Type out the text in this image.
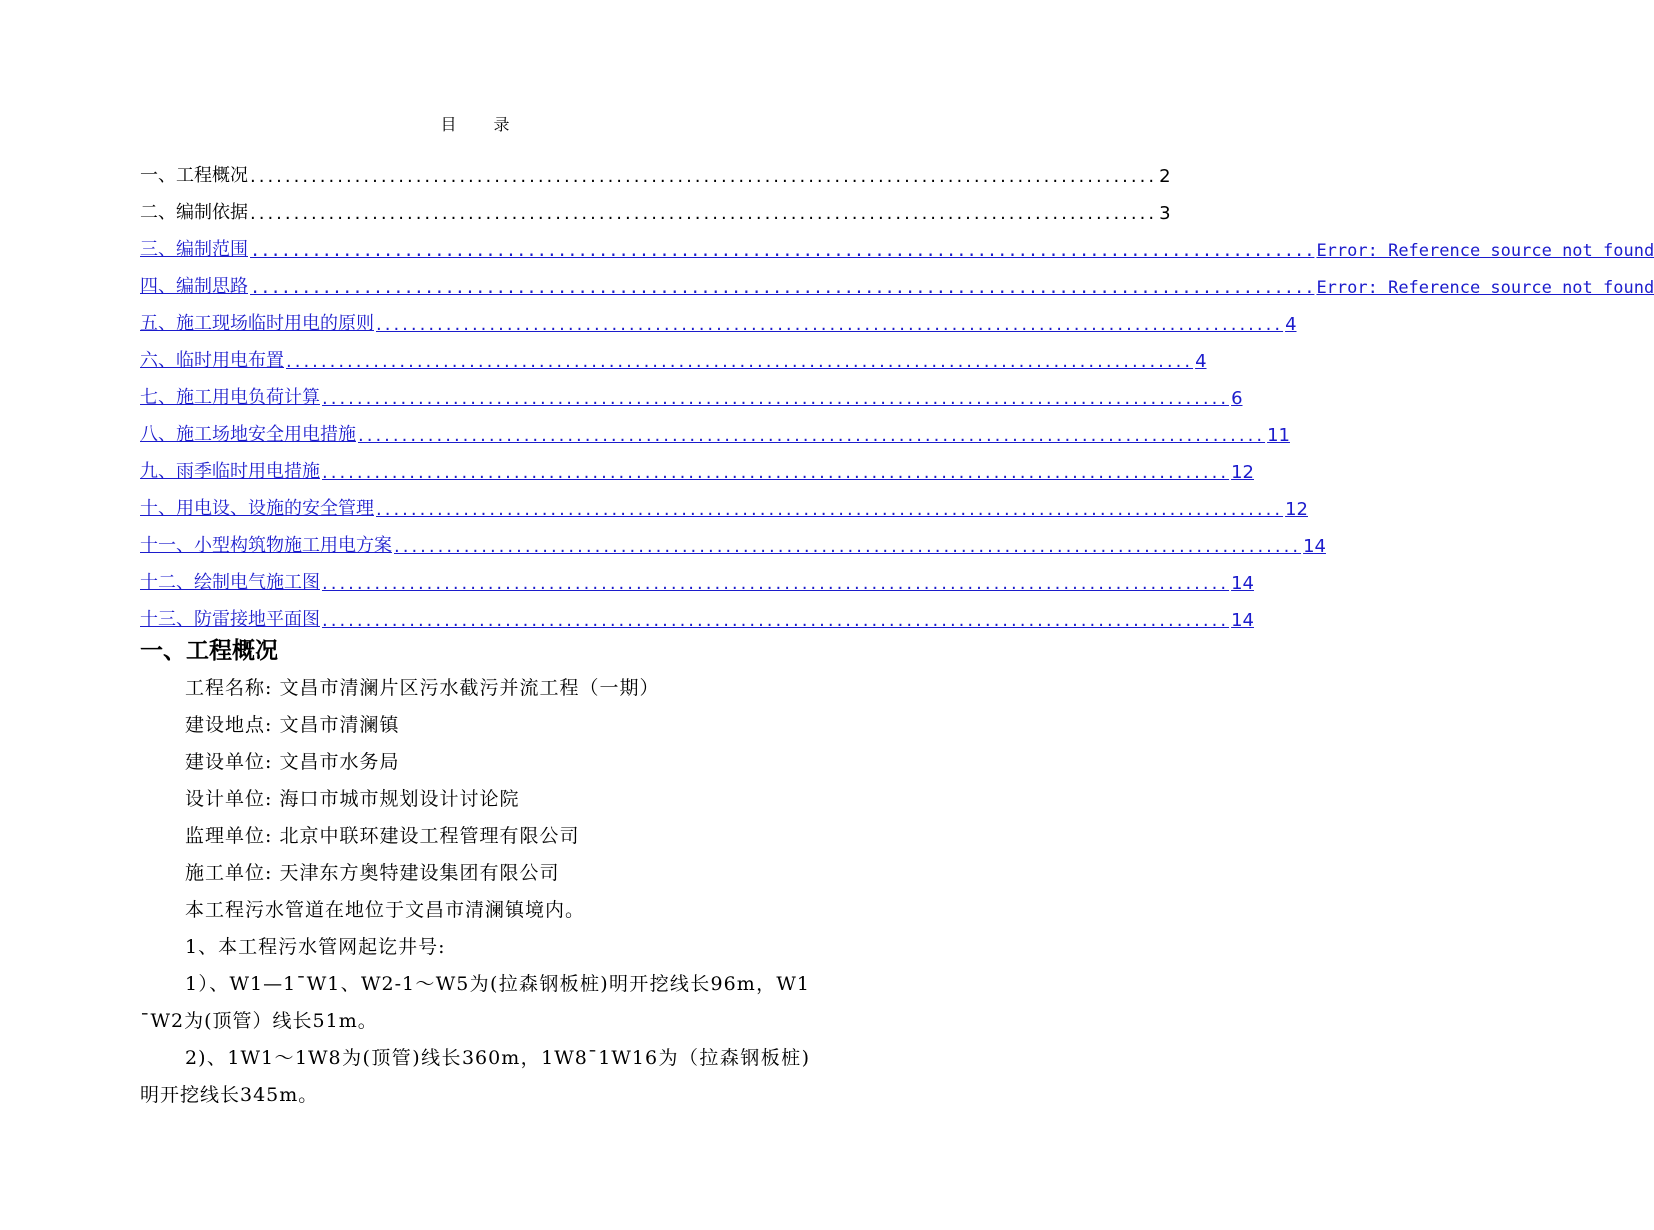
目 录
一、工程概况 ........................................................................................................ 2
二、编制依据 ........................................................................................................ 3
三、编制范围 ........................................................................................................ Error: Reference source not found
四、编制思路 ........................................................................................................ Error: Reference source not found
五、施工现场临时用电的原则 ........................................................................................................ 4
六、临时用电布置 ........................................................................................................ 4
七、施工用电负荷计算 ........................................................................................................ 6
八、施工场地安全用电措施 ........................................................................................................ 11
九、雨季临时用电措施 ........................................................................................................ 12
十、用电设、设施的安全管理 ........................................................................................................ 12
十一、小型构筑物施工用电方案 ........................................................................................................ 14
十二、绘制电气施工图 ........................................................................................................ 14
十三、防雷接地平面图 ........................................................................................................ 14
一、工程概况
工程名称: 文昌市清澜片区污水截污并流工程（一期）
建设地点: 文昌市清澜镇
建设单位: 文昌市水务局
设计单位: 海口市城市规划设计讨论院
监理单位: 北京中联环建设工程管理有限公司
施工单位: 天津东方奥特建设集团有限公司
本工程污水管道在地位于文昌市清澜镇境内。
1、本工程污水管网起讫井号:
1）、W1—1¯W1、W2-1～W5为(拉森钢板桩)明开挖线长96m，W1¯W2为(顶管）线长51m。
2)、1W1～1W8为(顶管)线长360m，1W8¯1W16为（拉森钢板桩)明开挖线长345m。
